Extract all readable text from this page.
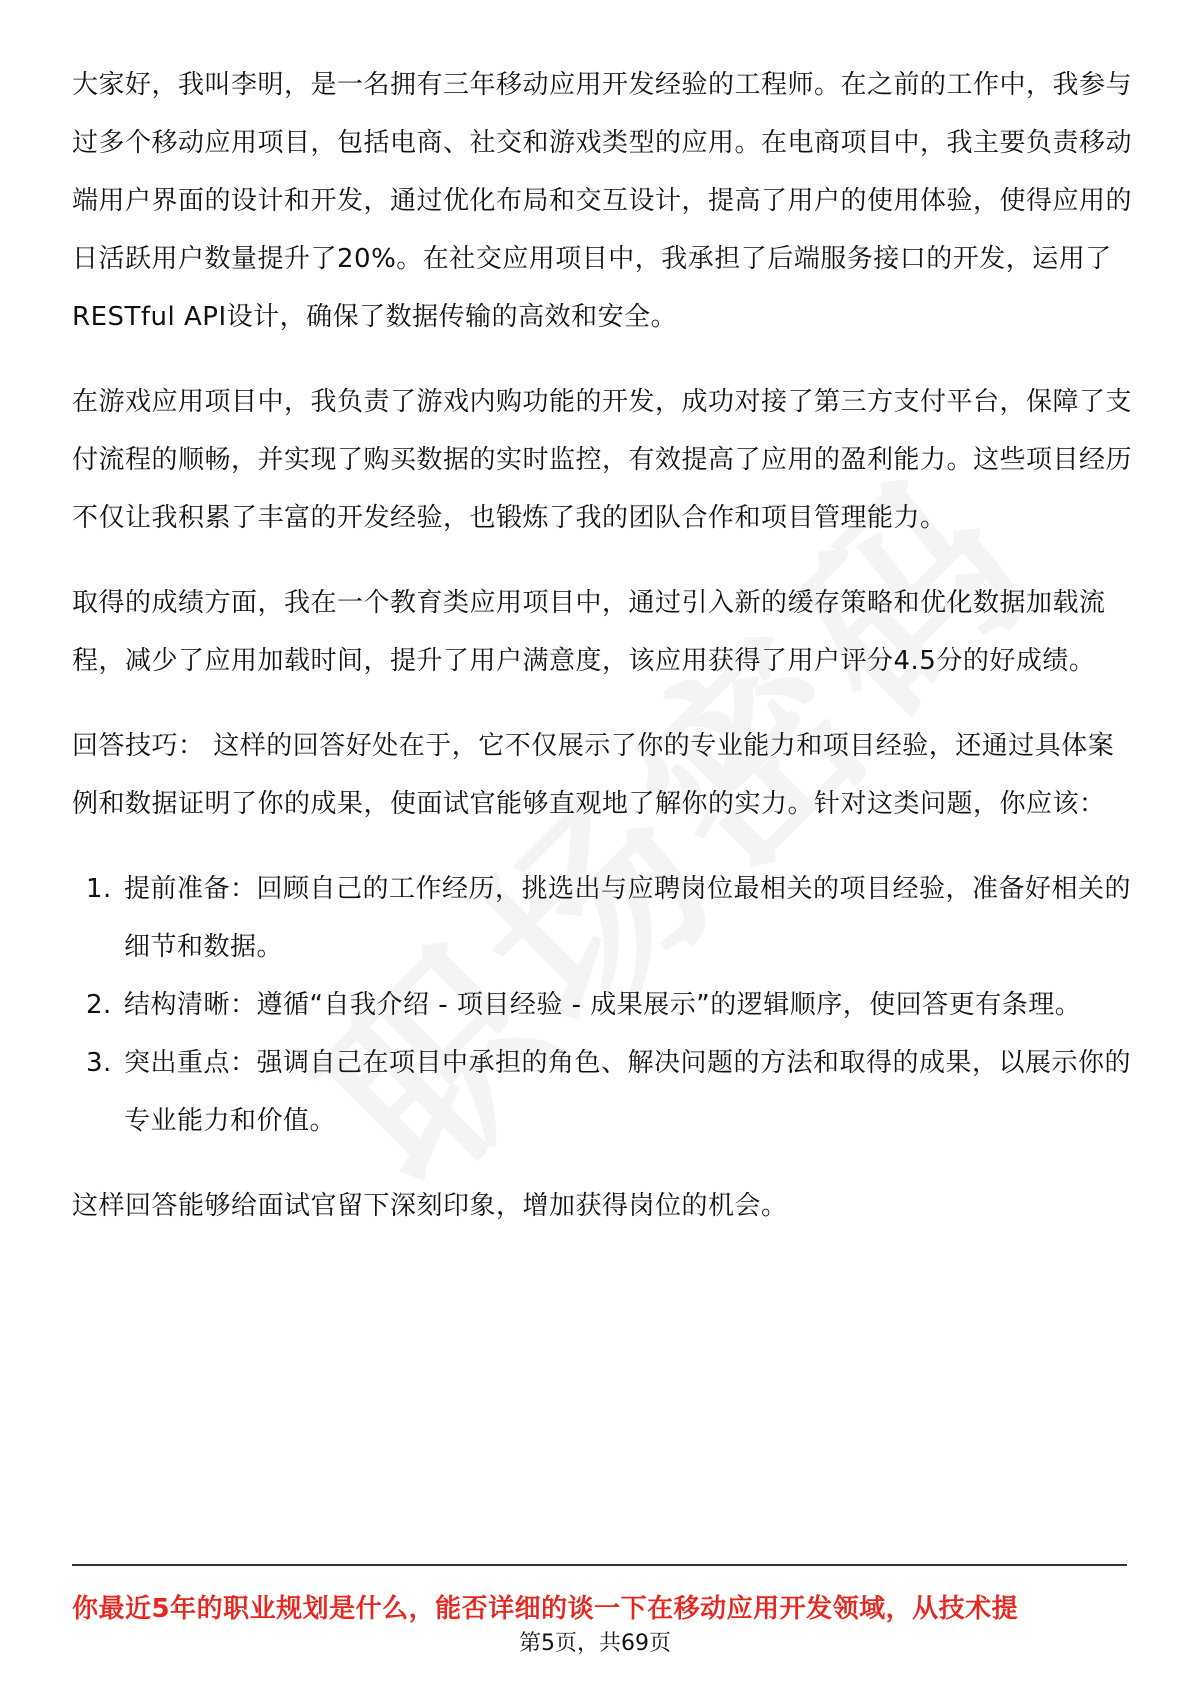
大家好，我叫李明，是一名拥有三年移动应用开发经验的工程师。在之前的工作中，我参与过多个移动应用项目，包括电商、社交和游戏类型的应用。在电商项目中，我主要负责移动端用户界面的设计和开发，通过优化布局和交互设计，提高了用户的使用体验，使得应用的日活跃用户数量提升了20%。在社交应用项目中，我承担了后端服务接口的开发，运用了RESTful API设计，确保了数据传输的高效和安全。

在游戏应用项目中，我负责了游戏内购功能的开发，成功对接了第三方支付平台，保障了支付流程的顺畅，并实现了购买数据的实时监控，有效提高了应用的盈利能力。这些项目经历不仅让我积累了丰富的开发经验，也锻炼了我的团队合作和项目管理能力。

取得的成绩方面，我在一个教育类应用项目中，通过引入新的缓存策略和优化数据加载流程，减少了应用加载时间，提升了用户满意度，该应用获得了用户评分4.5分的好成绩。

回答技巧： 这样的回答好处在于，它不仅展示了你的专业能力和项目经验，还通过具体案例和数据证明了你的成果，使面试官能够直观地了解你的实力。针对这类问题，你应该：

1. 提前准备：回顾自己的工作经历，挑选出与应聘岗位最相关的项目经验，准备好相关的细节和数据。
2. 结构清晰：遵循“自我介绍 - 项目经验 - 成果展示”的逻辑顺序，使回答更有条理。
3. 突出重点：强调自己在项目中承担的角色、解决问题的方法和取得的成果，以展示你的专业能力和价值。

这样回答能够给面试官留下深刻印象，增加获得岗位的机会。

你最近5年的职业规划是什么，能否详细的谈一下在移动应用开发领域，从技术提
第5页，共69页
